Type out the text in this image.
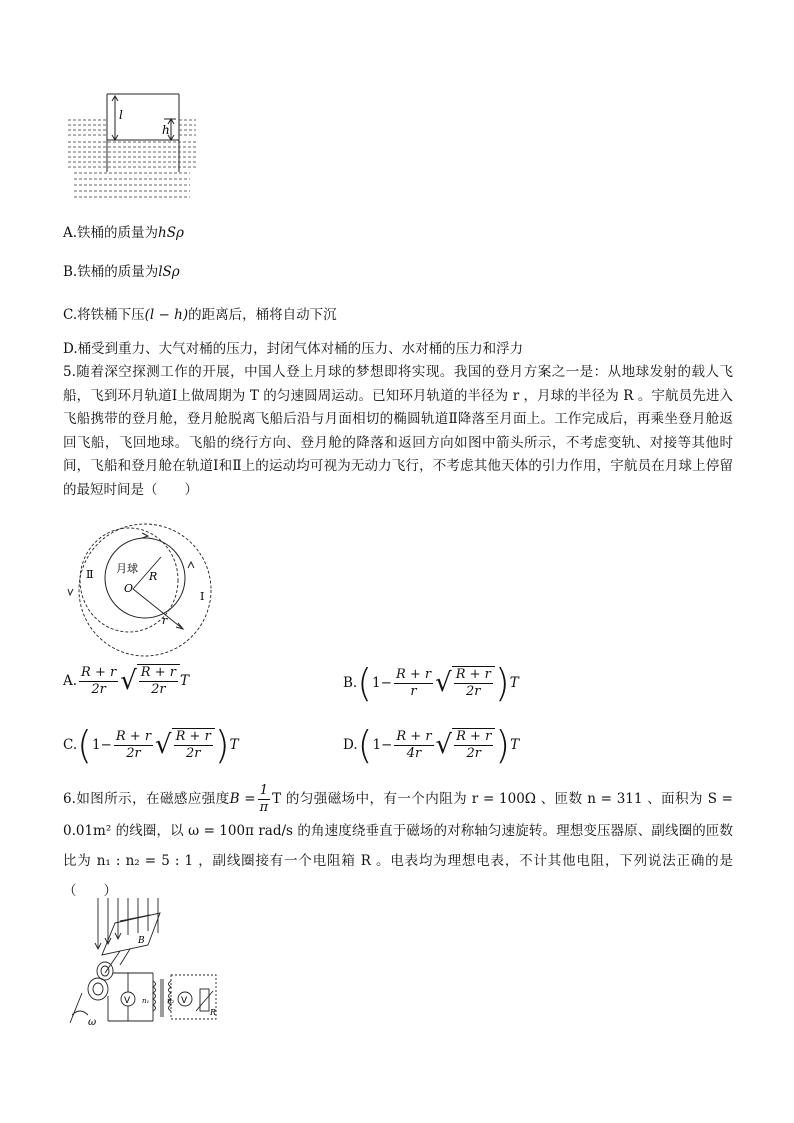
l
h
A.铁桶的质量为hSρ
B.铁桶的质量为lSρ
C.将铁桶下压(l − h)的距离后，桶将自动下沉
D.桶受到重力、大气对桶的压力，封闭气体对桶的压力、水对桶的压力和浮力
5.随着深空探测工作的开展，中国人登上月球的梦想即将实现。我国的登月方案之一是：从地球发射的载人飞船，飞到环月轨道Ⅰ上做周期为 T 的匀速圆周运动。已知环月轨道的半径为 r ，月球的半径为 R 。宇航员先进入飞船携带的登月舱，登月舱脱离飞船后沿与月面相切的椭圆轨道Ⅱ降落至月面上。工作完成后，再乘坐登月舱返回飞船，飞回地球。飞船的绕行方向、登月舱的降落和返回方向如图中箭头所示，不考虑变轨、对接等其他时间，飞船和登月舱在轨道Ⅰ和Ⅱ上的运动均可视为无动力飞行，不考虑其他天体的引力作用，宇航员在月球上停留的最短时间是（　　）
月球
O
R
r
Ⅰ
Ⅱ
A. $\frac{R + r}{2r}$ √ $\frac{R + r}{2r}$ T	B. ( $1- \frac{R + r}{r}$ √ $\frac{R + r}{2r}$ ) T
C. ( $1- \frac{R + r}{2r}$ √ $\frac{R + r}{2r}$ ) T	D. ( $1- \frac{R + r}{4r}$ √ $\frac{R + r}{2r}$ ) T
6.如图所示，在磁感应强度$B = \frac{1}{\pi}$ T 的匀强磁场中，有一个内阻为 r = 100Ω 、匝数 n = 311 、面积为 S = 0.01m² 的线圈，以 ω = 100π rad/s 的角速度绕垂直于磁场的对称轴匀速旋转。理想变压器原、副线圈的匝数比为 n₁ : n₂ = 5 : 1 ，副线圈接有一个电阻箱 R 。电表均为理想电表，不计其他电阻，下列说法正确的是（　　）
B
V	V
n₁	n₂
R
ω
